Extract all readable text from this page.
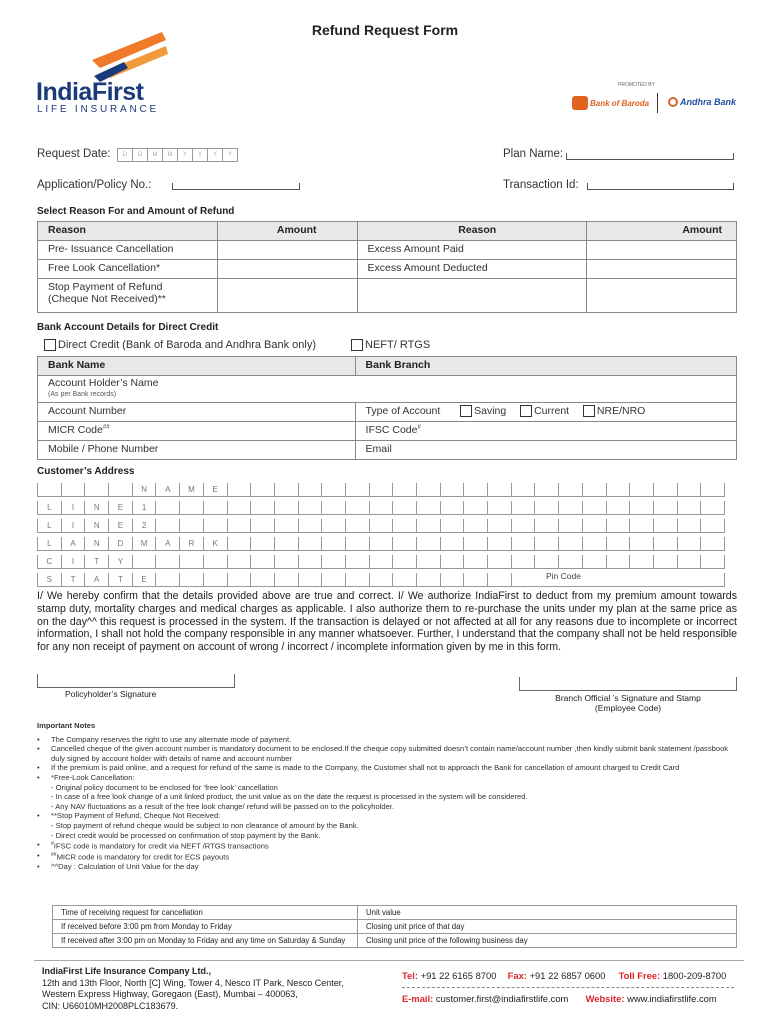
Refund Request Form
IndiaFirst
LIFE INSURANCE
PROMOTED BY
Bank of Baroda	Andhra Bank
Request Date:	D	D	M	M	Y	Y	Y	Y	Plan Name:
Application/Policy No.:	Transaction Id:
Select Reason For and Amount of Refund
Reason	Amount	Reason	Amount
Pre- Issuance Cancellation		Excess Amount Paid	
Free Look Cancellation*		Excess Amount Deducted	

Stop Payment of Refund
(Cheque Not Received)**			

Bank Account Details for Direct Credit
Direct Credit (Bank of Baroda and Andhra Bank only)	NEFT/ RTGS
Bank Name	Bank Branch

Account Holder’s Name
(As per Bank records)	

Account Number	Type of Account Saving Current NRE/NRO
MICR Code##	IFSC Code#
Mobile / Phone Number	Email
Customer’s Address
N	A	M	E
L	I	N	E	1
L	I	N	E	2
L	A	N	D	M	A	R	K
C	I	T	Y
S	T	A	T	E	Pin Code
I/ We hereby confirm that the details provided above are true and correct. I/ We authorize IndiaFirst to deduct from my premium amount towards stamp duty, mortality charges and medical charges as applicable. I also authorize them to re-purchase the units under my plan at the same price as on the day^^ this request is processed in the system. If the transaction is delayed or not affected at all for any reasons due to incomplete or incorrect information, I shall not hold the company responsible in any manner whatsoever. Further, I understand that the company shall not be held responsible for any non receipt of payment on account of wrong / incorrect / incomplete information given by me in this form.
Policyholder’s Signature	Branch Official ’s Signature and Stamp
(Employee Code)
Important Notes
• The Company reserves the right to use any alternate mode of payment.
• Cancelled cheque of the given account number is mandatory document to be enclosed.If the cheque copy submitted doesn’t contain name/account number ,then kindly submit bank statement /passbook duly signed by account holder with details of name and account number
• If the premium is paid online, and a request for refund of the same is made to the Company, the Customer shall not to approach the Bank for cancellation of amount charged to Credit Card
• *Free-Look Cancellation:
- Original policy document to be enclosed for ‘free look’ cancellation
- In case of a free look change of a unit linked product, the unit value as on the date the request is processed in the system will be considered.
- Any NAV fluctuations as a result of the free look change/ refund will be passed on to the policyholder.
• **Stop Payment of Refund, Cheque Not Received:
- Stop payment of refund cheque would be subject to non clearance of amount by the Bank.
- Direct credit would be processed on confirmation of stop payment by the Bank.
• #IFSC code is mandatory for credit via NEFT /RTGS transactions
• ##MICR code is mandatory for credit for ECS payouts
• ^^Day : Calculation of Unit Value for the day
Time of receiving request for cancellation	Unit value
If received before 3:00 pm from Monday to Friday	Closing unit price of that day
If received after 3:00 pm on Monday to Friday and any time on Saturday & Sunday	Closing unit price of the following business day
IndiaFirst Life Insurance Company Ltd.,
12th and 13th Floor, North [C] Wing, Tower 4, Nesco IT Park, Nesco Center,
Western Express Highway, Goregaon (East), Mumbai – 400063,
CIN: U66010MH2008PLC183679.
Tel: +91 22 6165 8700 Fax: +91 22 6857 0600 Toll Free: 1800-209-8700
E-mail: customer.first@indiafirstlife.com Website: www.indiafirstlife.com
